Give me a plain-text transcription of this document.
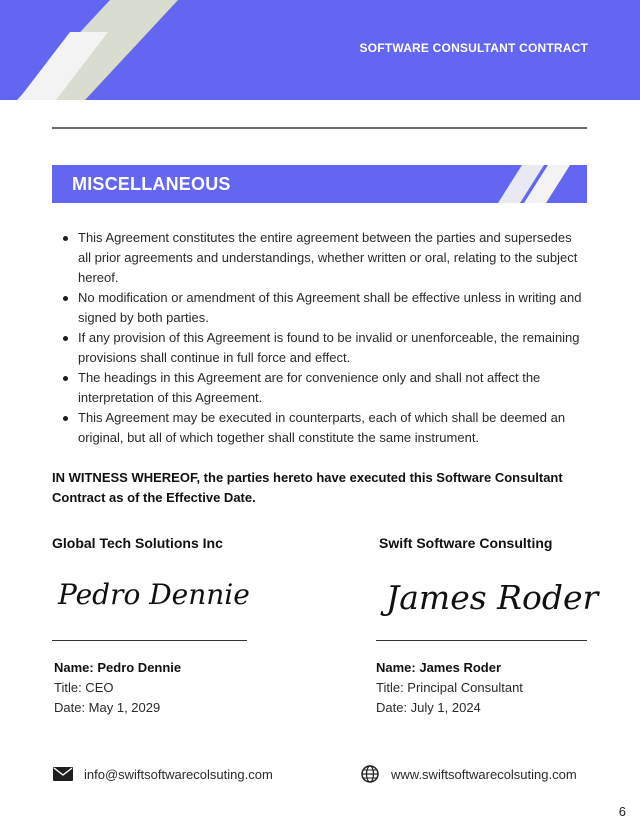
SOFTWARE CONSULTANT CONTRACT
MISCELLANEOUS
This Agreement constitutes the entire agreement between the parties and supersedes all prior agreements and understandings, whether written or oral, relating to the subject hereof.
No modification or amendment of this Agreement shall be effective unless in writing and signed by both parties.
If any provision of this Agreement is found to be invalid or unenforceable, the remaining provisions shall continue in full force and effect.
The headings in this Agreement are for convenience only and shall not affect the interpretation of this Agreement.
This Agreement may be executed in counterparts, each of which shall be deemed an original, but all of which together shall constitute the same instrument.

IN WITNESS WHEREOF, the parties hereto have executed this Software Consultant Contract as of the Effective Date.

Global Tech Solutions Inc	Swift Software Consulting
Pedro Dennie	James Roder
Name: Pedro Dennie
Title: CEO
Date: May 1, 2029
Name: James Roder
Title: Principal Consultant
Date: July 1, 2024
info@swiftsoftwarecolsuting.com	www.swiftsoftwarecolsuting.com
6
